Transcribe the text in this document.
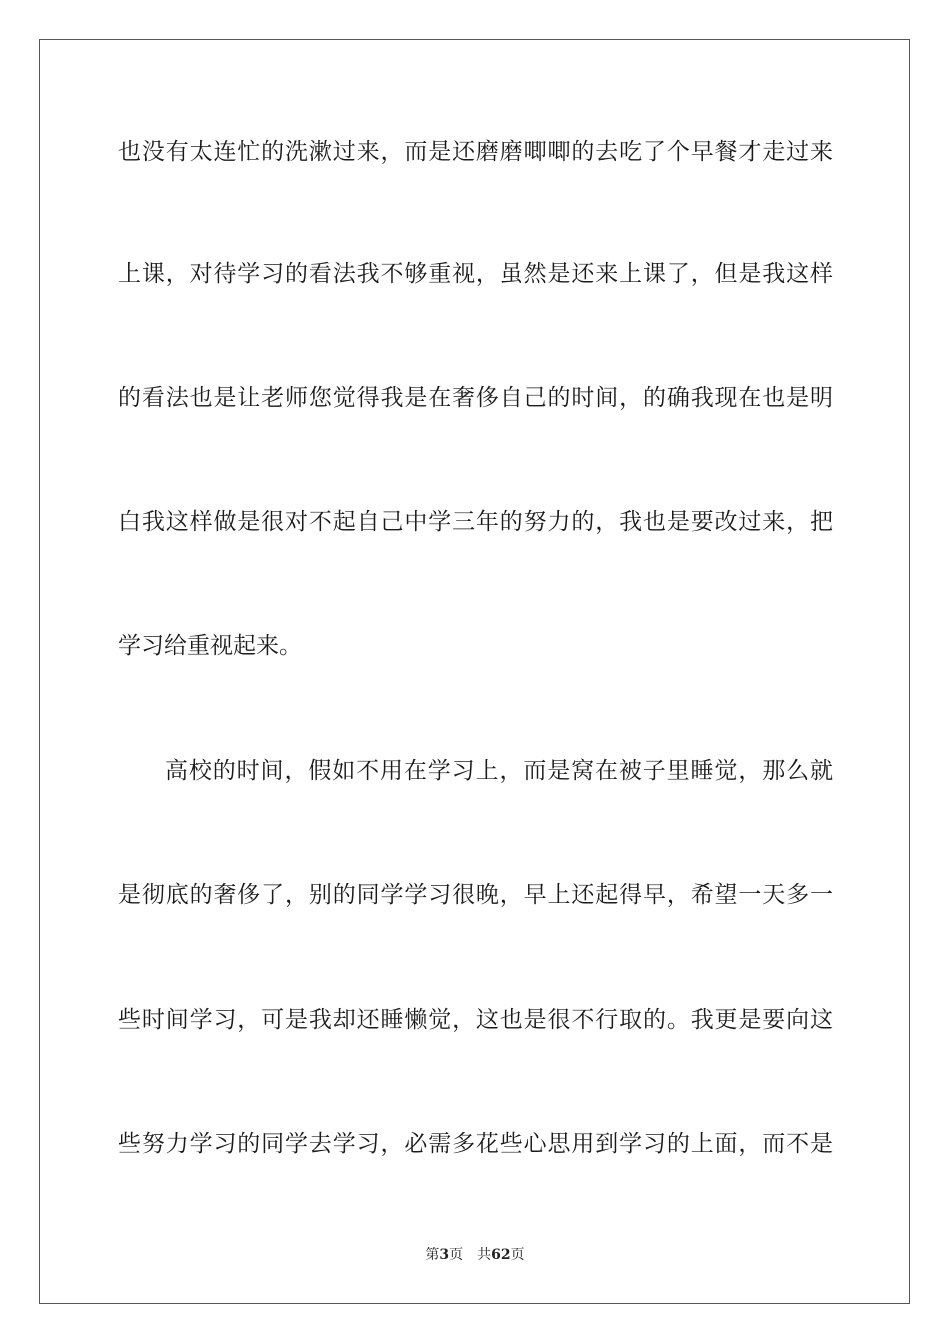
也没有太连忙的洗漱过来，而是还磨磨唧唧的去吃了个早餐才走过来
上课，对待学习的看法我不够重视，虽然是还来上课了，但是我这样
的看法也是让老师您觉得我是在奢侈自己的时间，的确我现在也是明
白我这样做是很对不起自己中学三年的努力的，我也是要改过来，把
学习给重视起来。
高校的时间，假如不用在学习上，而是窝在被子里睡觉，那么就
是彻底的奢侈了，别的同学学习很晚，早上还起得早，希望一天多一
些时间学习，可是我却还睡懒觉，这也是很不行取的。我更是要向这
些努力学习的同学去学习，必需多花些心思用到学习的上面，而不是
第3页 共62页
